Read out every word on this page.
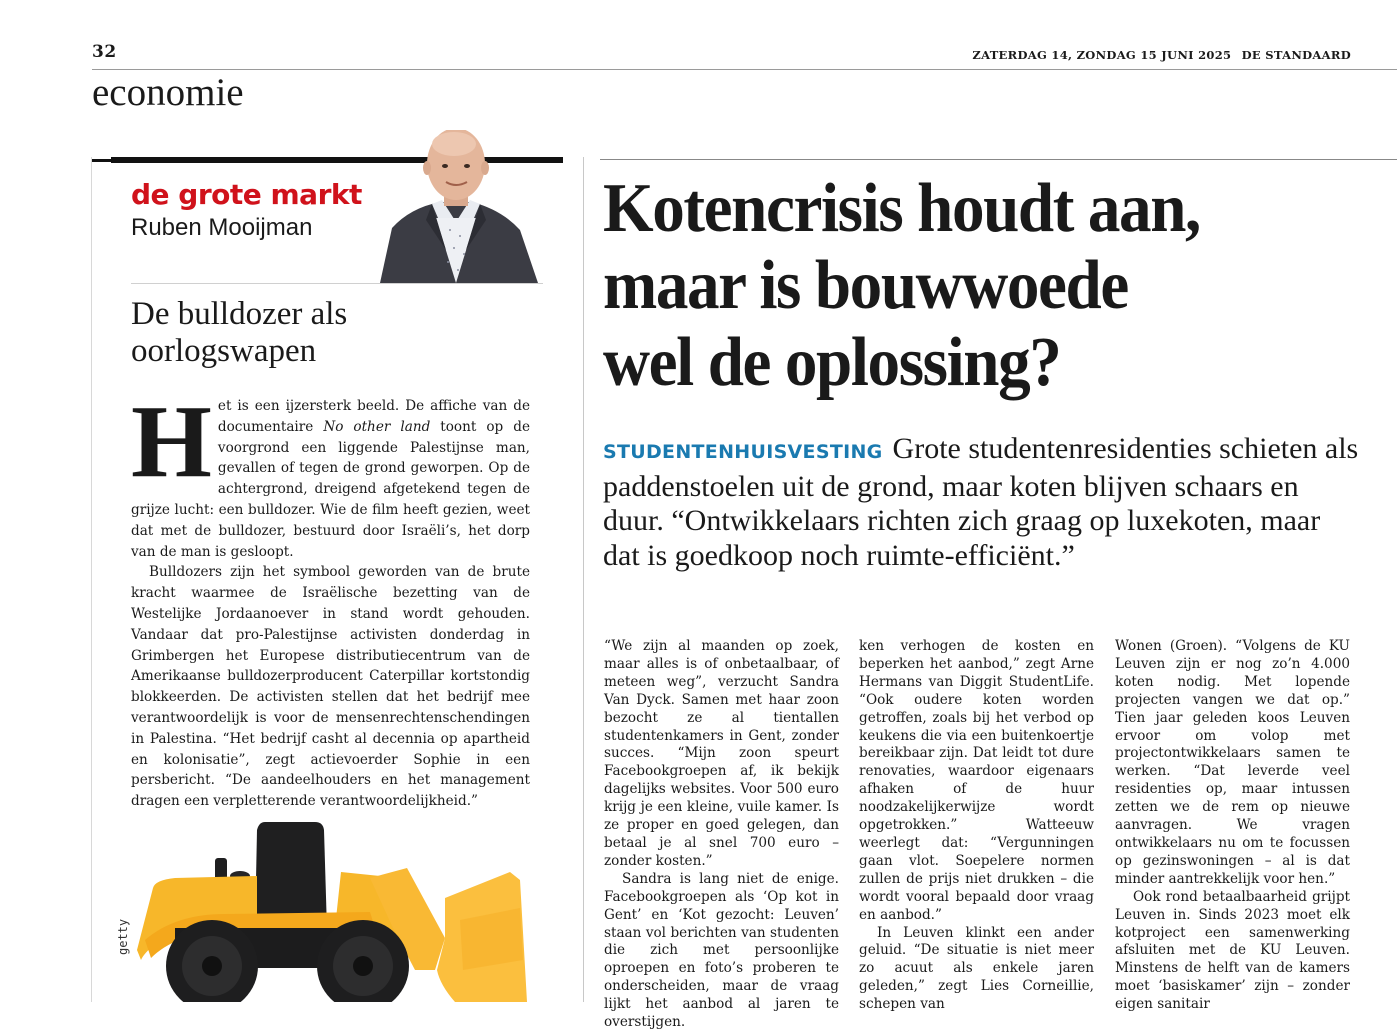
32	ZATERDAG 14, ZONDAG 15 JUNI 2025 DE STANDAARD
economie
de grote markt
Ruben Mooijman
De bulldozer als
oorlogswapen

Het is een ijzersterk beeld. De affiche van de documentaire No other land toont op de voorgrond een liggende Palestijnse man, gevallen of tegen de grond geworpen. Op de achtergrond, dreigend afgetekend tegen de grijze lucht: een bulldozer. Wie de film heeft gezien, weet dat met de bulldozer, bestuurd door Israëli’s, het dorp van de man is gesloopt.

Bulldozers zijn het symbool geworden van de brute kracht waarmee de Israëlische bezetting van de Westelijke Jordaanoever in stand wordt gehouden. Vandaar dat pro-Palestijnse activisten donderdag in Grimbergen het Europese distributiecentrum van de Amerikaanse bulldozerproducent Caterpillar kortstondig blokkeerden. De activisten stellen dat het bedrijf mee verantwoordelijk is voor de mensenrechtenschendingen in Palestina. “Het bedrijf casht al decennia op apartheid en kolonisatie”, zegt actievoerder Sophie in een persbericht. “De aandeelhouders en het management dragen een verpletterende verantwoordelijkheid.”

getty
Kotencrisis houdt aan,
maar is bouwwoede
wel de oplossing?
STUDENTENHUISVESTING Grote studentenresidenties schieten als paddenstoelen uit de grond, maar koten blijven schaars en duur. “Ontwikkelaars richten zich graag op luxekoten, maar dat is goedkoop noch ruimte-efficiënt.”

“We zijn al maanden op zoek, maar alles is of onbetaalbaar, of meteen weg”, verzucht Sandra Van Dyck. Samen met haar zoon bezocht ze al tientallen studentenkamers in Gent, zonder succes. “Mijn zoon speurt Facebookgroepen af, ik bekijk dagelijks websites. Voor 500 euro krijg je een kleine, vuile kamer. Is ze proper en goed gelegen, dan betaal je al snel 700 euro – zonder kosten.”

Sandra is lang niet de enige. Facebookgroepen als ‘Op kot in Gent’ en ‘Kot gezocht: Leuven’ staan vol berichten van studenten die zich met persoonlijke oproepen en foto’s proberen te onderscheiden, maar de vraag lijkt het aanbod al jaren te overstijgen.

ken verhogen de kosten en beperken het aanbod,” zegt Arne Hermans van Diggit StudentLife. “Ook oudere koten worden getroffen, zoals bij het verbod op keukens die via een buitenkoertje bereikbaar zijn. Dat leidt tot dure renovaties, waardoor eigenaars afhaken of de huur noodzakelijkerwijze wordt opgetrokken.” Watteeuw weerlegt dat: “Vergunningen gaan vlot. Soepelere normen zullen de prijs niet drukken – die wordt vooral bepaald door vraag en aanbod.”

In Leuven klinkt een ander geluid. “De situatie is niet meer zo acuut als enkele jaren geleden,” zegt Lies Corneillie, schepen van

Wonen (Groen). “Volgens de KU Leuven zijn er nog zo’n 4.000 koten nodig. Met lopende projecten vangen we dat op.” Tien jaar geleden koos Leuven ervoor om volop met projectontwikkelaars samen te werken. “Dat leverde veel residenties op, maar intussen zetten we de rem op nieuwe aanvragen. We vragen ontwikkelaars nu om te focussen op gezinswoningen – al is dat minder aantrekkelijk voor hen.”

Ook rond betaalbaarheid grijpt Leuven in. Sinds 2023 moet elk kotproject een samenwerking afsluiten met de KU Leuven. Minstens de helft van de kamers moet ‘basiskamer’ zijn – zonder eigen sanitair
